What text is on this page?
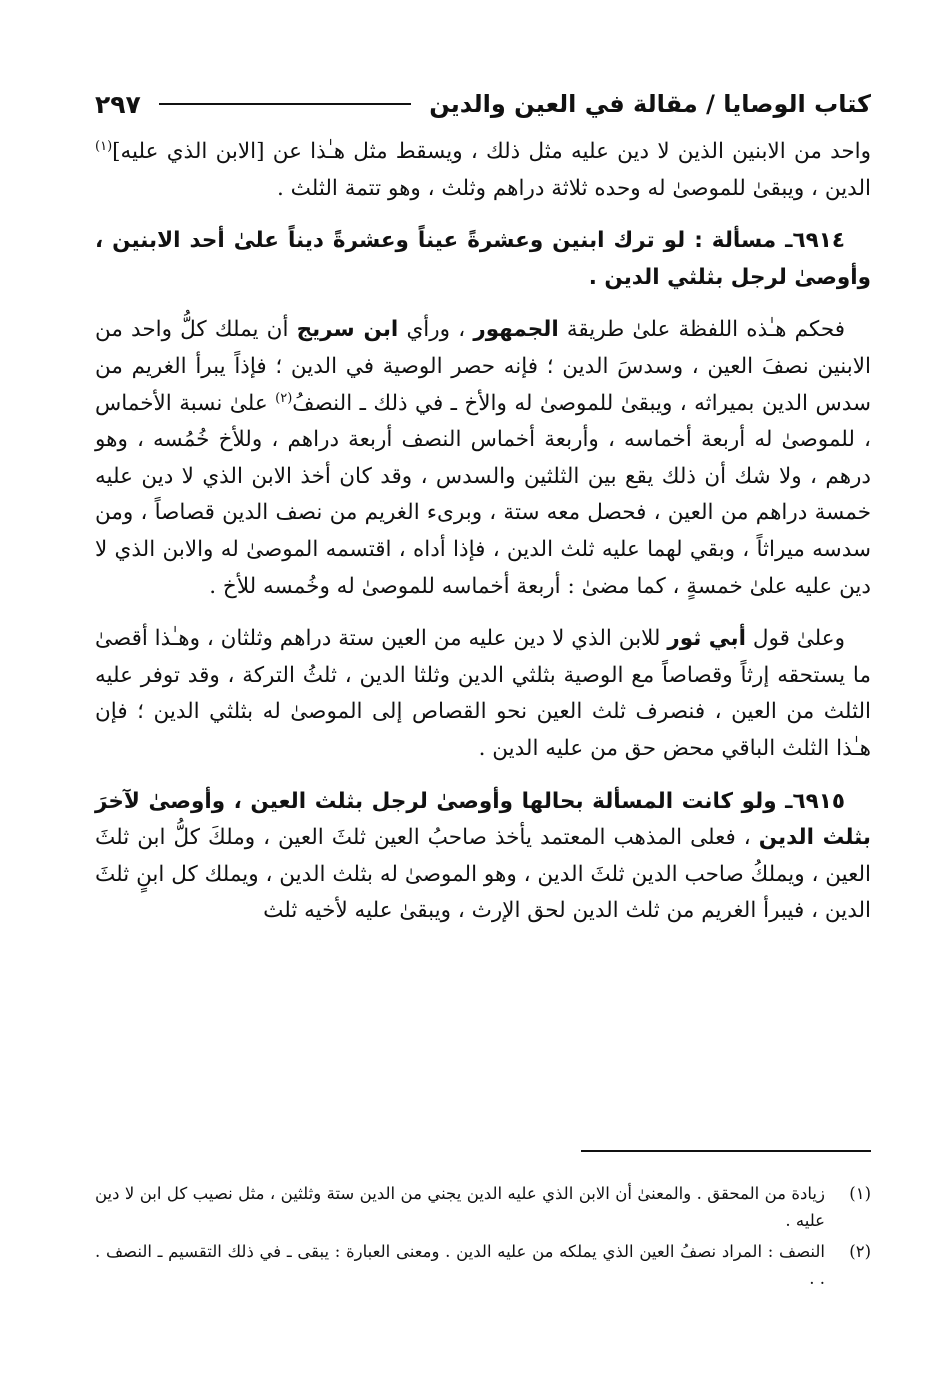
كتاب الوصايا / مقالة في العين والدين
٢٩٧

واحد من الابنين الذين لا دين عليه مثل ذلك ، ويسقط مثل هـٰذا عن [الابن الذي عليه]$^{(١)}$ الدين ، ويبقىٰ للموصىٰ له وحده ثلاثة دراهم وثلث ، وهو تتمة الثلث .

٦٩١٤ـ مسألة : لو ترك ابنين وعشرةً عيناً وعشرةً ديناً علىٰ أحد الابنين ، وأوصىٰ لرجل بثلثي الدين .

فحكم هـٰذه اللفظة علىٰ طريقة الجمهور ، ورأي ابن سريج أن يملك كلُّ واحد من الابنين نصفَ العين ، وسدسَ الدين ؛ فإنه حصر الوصية في الدين ؛ فإذاً يبرأ الغريم من سدس الدين بميراثه ، ويبقىٰ للموصىٰ له والأخ ـ في ذلك ـ النصفُ$^{(٢)}$ علىٰ نسبة الأخماس ، للموصىٰ له أربعة أخماسه ، وأربعة أخماس النصف أربعة دراهم ، وللأخ خُمُسه ، وهو درهم ، ولا شك أن ذلك يقع بين الثلثين والسدس ، وقد كان أخذ الابن الذي لا دين عليه خمسة دراهم من العين ، فحصل معه ستة ، وبرىء الغريم من نصف الدين قصاصاً ، ومن سدسه ميراثاً ، وبقي لهما عليه ثلث الدين ، فإذا أداه ، اقتسمه الموصىٰ له والابن الذي لا دين عليه علىٰ خمسةٍ ، كما مضىٰ : أربعة أخماسه للموصىٰ له وخُمسه للأخ .

وعلىٰ قول أبي ثور للابن الذي لا دين عليه من العين ستة دراهم وثلثان ، وهـٰذا أقصىٰ ما يستحقه إرثاً وقصاصاً مع الوصية بثلثي الدين وثلثا الدين ، ثلثُ التركة ، وقد توفر عليه الثلث من العين ، فنصرف ثلث العين نحو القصاص إلى الموصىٰ له بثلثي الدين ؛ فإن هـٰذا الثلث الباقي محض حق من عليه الدين .

٦٩١٥ـ ولو كانت المسألة بحالها وأوصىٰ لرجل بثلث العين ، وأوصىٰ لآخرَ بثلث الدين ، فعلى المذهب المعتمد يأخذ صاحبُ العين ثلثَ العين ، وملكَ كلُّ ابن ثلثَ العين ، ويملكُ صاحب الدين ثلثَ الدين ، وهو الموصىٰ له بثلث الدين ، ويملك كل ابنٍ ثلثَ الدين ، فيبرأ الغريم من ثلث الدين لحق الإرث ، ويبقىٰ عليه لأخيه ثلث

(١)
زيادة من المحقق . والمعنىٰ أن الابن الذي عليه الدين يجني من الدين ستة وثلثين ، مثل نصيب كل ابن لا دين عليه .
(٢)
النصف : المراد نصفُ العين الذي يملكه من عليه الدين . ومعنى العبارة : يبقى ـ في ذلك التقسيم ـ النصف . . .
